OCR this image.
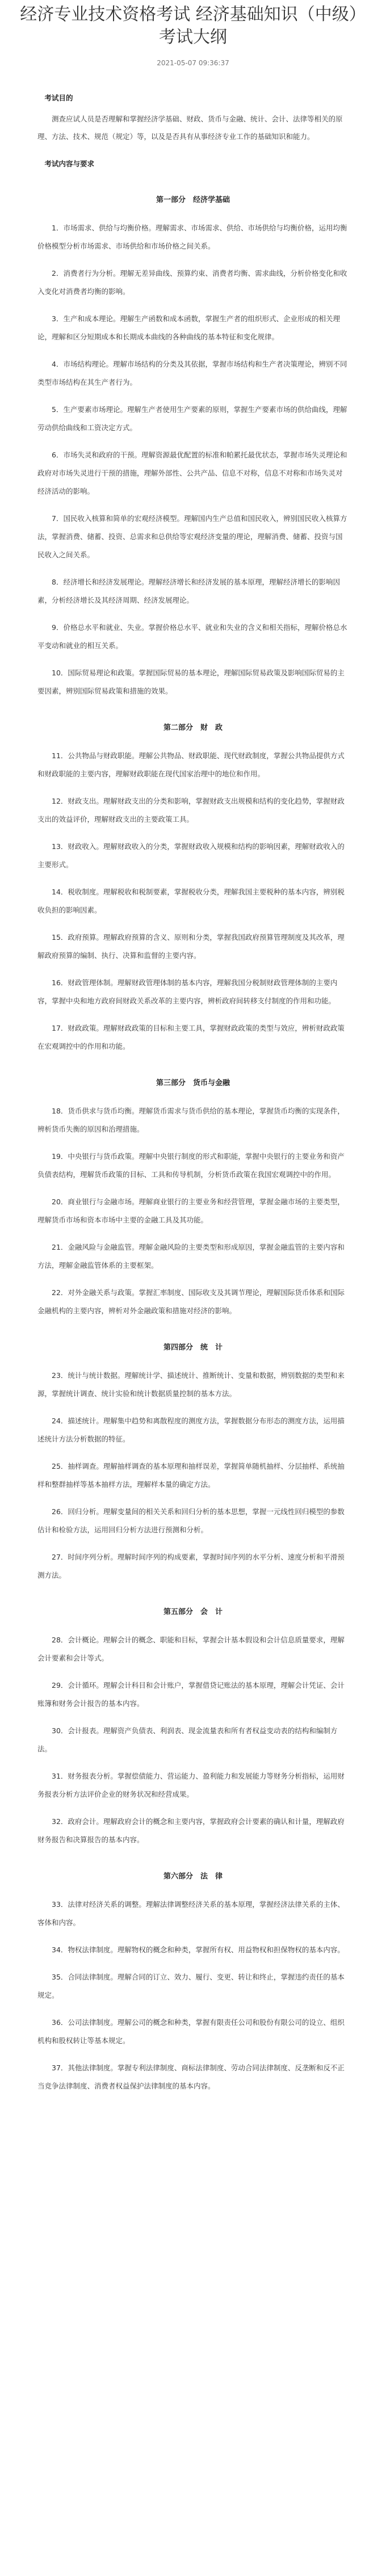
经济专业技术资格考试 经济基础知识（中级） 考试大纲
2021-05-07 09:36:37
考试目的
测查应试人员是否理解和掌握经济学基础、财政、货币与金融、统计、会计、法律等相关的原理、方法、技术、规范（规定）等，以及是否具有从事经济专业工作的基础知识和能力。
考试内容与要求
第一部分　经济学基础
1．市场需求、供给与均衡价格。理解需求、市场需求、供给、市场供给与均衡价格，运用均衡价格模型分析市场需求、市场供给和市场价格之间关系。
2．消费者行为分析。理解无差异曲线、预算约束、消费者均衡、需求曲线，分析价格变化和收入变化对消费者均衡的影响。
3．生产和成本理论。理解生产函数和成本函数，掌握生产者的组织形式、企业形成的相关理论，理解和区分短期成本和长期成本曲线的各种曲线的基本特征和变化规律。
4．市场结构理论。理解市场结构的分类及其依据，掌握市场结构和生产者决策理论，辨别不同类型市场结构在其生产者行为。
5．生产要素市场理论。理解生产者使用生产要素的原则，掌握生产要素市场的供给曲线，理解劳动供给曲线和工资决定方式。
6．市场失灵和政府的干预。理解资源最优配置的标准和帕累托最优状态，掌握市场失灵理论和政府对市场失灵进行干预的措施，理解外部性、公共产品、信息不对称，信息不对称和市场失灵对经济活动的影响。
7．国民收入核算和简单的宏观经济模型。理解国内生产总值和国民收入，辨别国民收入核算方法，掌握消费、储蓄、投资、总需求和总供给等宏观经济变量的理论，理解消费、储蓄、投资与国民收入之间关系。
8．经济增长和经济发展理论。理解经济增长和经济发展的基本原理，理解经济增长的影响因素，分析经济增长及其经济周期、经济发展理论。
9．价格总水平和就业、失业。掌握价格总水平、就业和失业的含义和相关指标，理解价格总水平变动和就业的相互关系。
10．国际贸易理论和政策。掌握国际贸易的基本理论，理解国际贸易政策及影响国际贸易的主要因素，辨别国际贸易政策和措施的效果。
第二部分　财　政
11．公共物品与财政职能。理解公共物品、财政职能、现代财政制度，掌握公共物品提供方式和财政职能的主要内容，理解财政职能在现代国家治理中的地位和作用。
12．财政支出。理解财政支出的分类和影响，掌握财政支出规模和结构的变化趋势，掌握财政支出的效益评价，理解财政支出的主要政策工具。
13．财政收入。理解财政收入的分类，掌握财政收入规模和结构的影响因素，理解财政收入的主要形式。
14．税收制度。理解税收和税制要素，掌握税收分类，理解我国主要税种的基本内容，辨别税收负担的影响因素。
15．政府预算。理解政府预算的含义、原则和分类，掌握我国政府预算管理制度及其改革，理解政府预算的编制、执行、决算和监督的主要内容。
16．财政管理体制。理解财政管理体制的基本内容，理解我国分税制财政管理体制的主要内容，掌握中央和地方政府间财政关系改革的主要内容，辨析政府间转移支付制度的作用和功能。
17．财政政策。理解财政政策的目标和主要工具，掌握财政政策的类型与效应，辨析财政政策在宏观调控中的作用和功能。
第三部分　货币与金融
18．货币供求与货币均衡。理解货币需求与货币供给的基本理论，掌握货币均衡的实现条件，辨析货币失衡的原因和治理措施。
19．中央银行与货币政策。理解中央银行制度的形式和职能，掌握中央银行的主要业务和资产负债表结构，理解货币政策的目标、工具和传导机制，分析货币政策在我国宏观调控中的作用。
20．商业银行与金融市场。理解商业银行的主要业务和经营管理，掌握金融市场的主要类型，理解货币市场和资本市场中主要的金融工具及其功能。
21．金融风险与金融监管。理解金融风险的主要类型和形成原因，掌握金融监管的主要内容和方法，理解金融监管体系的主要框架。
22．对外金融关系与政策。掌握汇率制度、国际收支及其调节理论，理解国际货币体系和国际金融机构的主要内容，辨析对外金融政策和措施对经济的影响。
第四部分　统　计
23．统计与统计数据。理解统计学、描述统计、推断统计、变量和数据，辨别数据的类型和来源，掌握统计调查、统计实验和统计数据质量控制的基本方法。
24．描述统计。理解集中趋势和离散程度的测度方法，掌握数据分布形态的测度方法，运用描述统计方法分析数据的特征。
25．抽样调查。理解抽样调查的基本原理和抽样误差，掌握简单随机抽样、分层抽样、系统抽样和整群抽样等基本抽样方法，理解样本量的确定方法。
26．回归分析。理解变量间的相关关系和回归分析的基本思想，掌握一元线性回归模型的参数估计和检验方法，运用回归分析方法进行预测和分析。
27．时间序列分析。理解时间序列的构成要素，掌握时间序列的水平分析、速度分析和平滑预测方法。
第五部分　会　计
28．会计概论。理解会计的概念、职能和目标，掌握会计基本假设和会计信息质量要求，理解会计要素和会计等式。
29．会计循环。理解会计科目和会计账户，掌握借贷记账法的基本原理，理解会计凭证、会计账簿和财务会计报告的基本内容。
30．会计报表。理解资产负债表、利润表、现金流量表和所有者权益变动表的结构和编制方法。
31．财务报表分析。掌握偿债能力、营运能力、盈利能力和发展能力等财务分析指标，运用财务报表分析方法评价企业的财务状况和经营成果。
32．政府会计。理解政府会计的概念和主要内容，掌握政府会计要素的确认和计量，理解政府财务报告和决算报告的基本内容。
第六部分　法　律
33．法律对经济关系的调整。理解法律调整经济关系的基本原理，掌握经济法律关系的主体、客体和内容。
34．物权法律制度。理解物权的概念和种类，掌握所有权、用益物权和担保物权的基本内容。
35．合同法律制度。理解合同的订立、效力、履行、变更、转让和终止，掌握违约责任的基本规定。
36．公司法律制度。理解公司的概念和种类，掌握有限责任公司和股份有限公司的设立、组织机构和股权转让等基本规定。
37．其他法律制度。掌握专利法律制度、商标法律制度、劳动合同法律制度、反垄断和反不正当竞争法律制度、消费者权益保护法律制度的基本内容。
